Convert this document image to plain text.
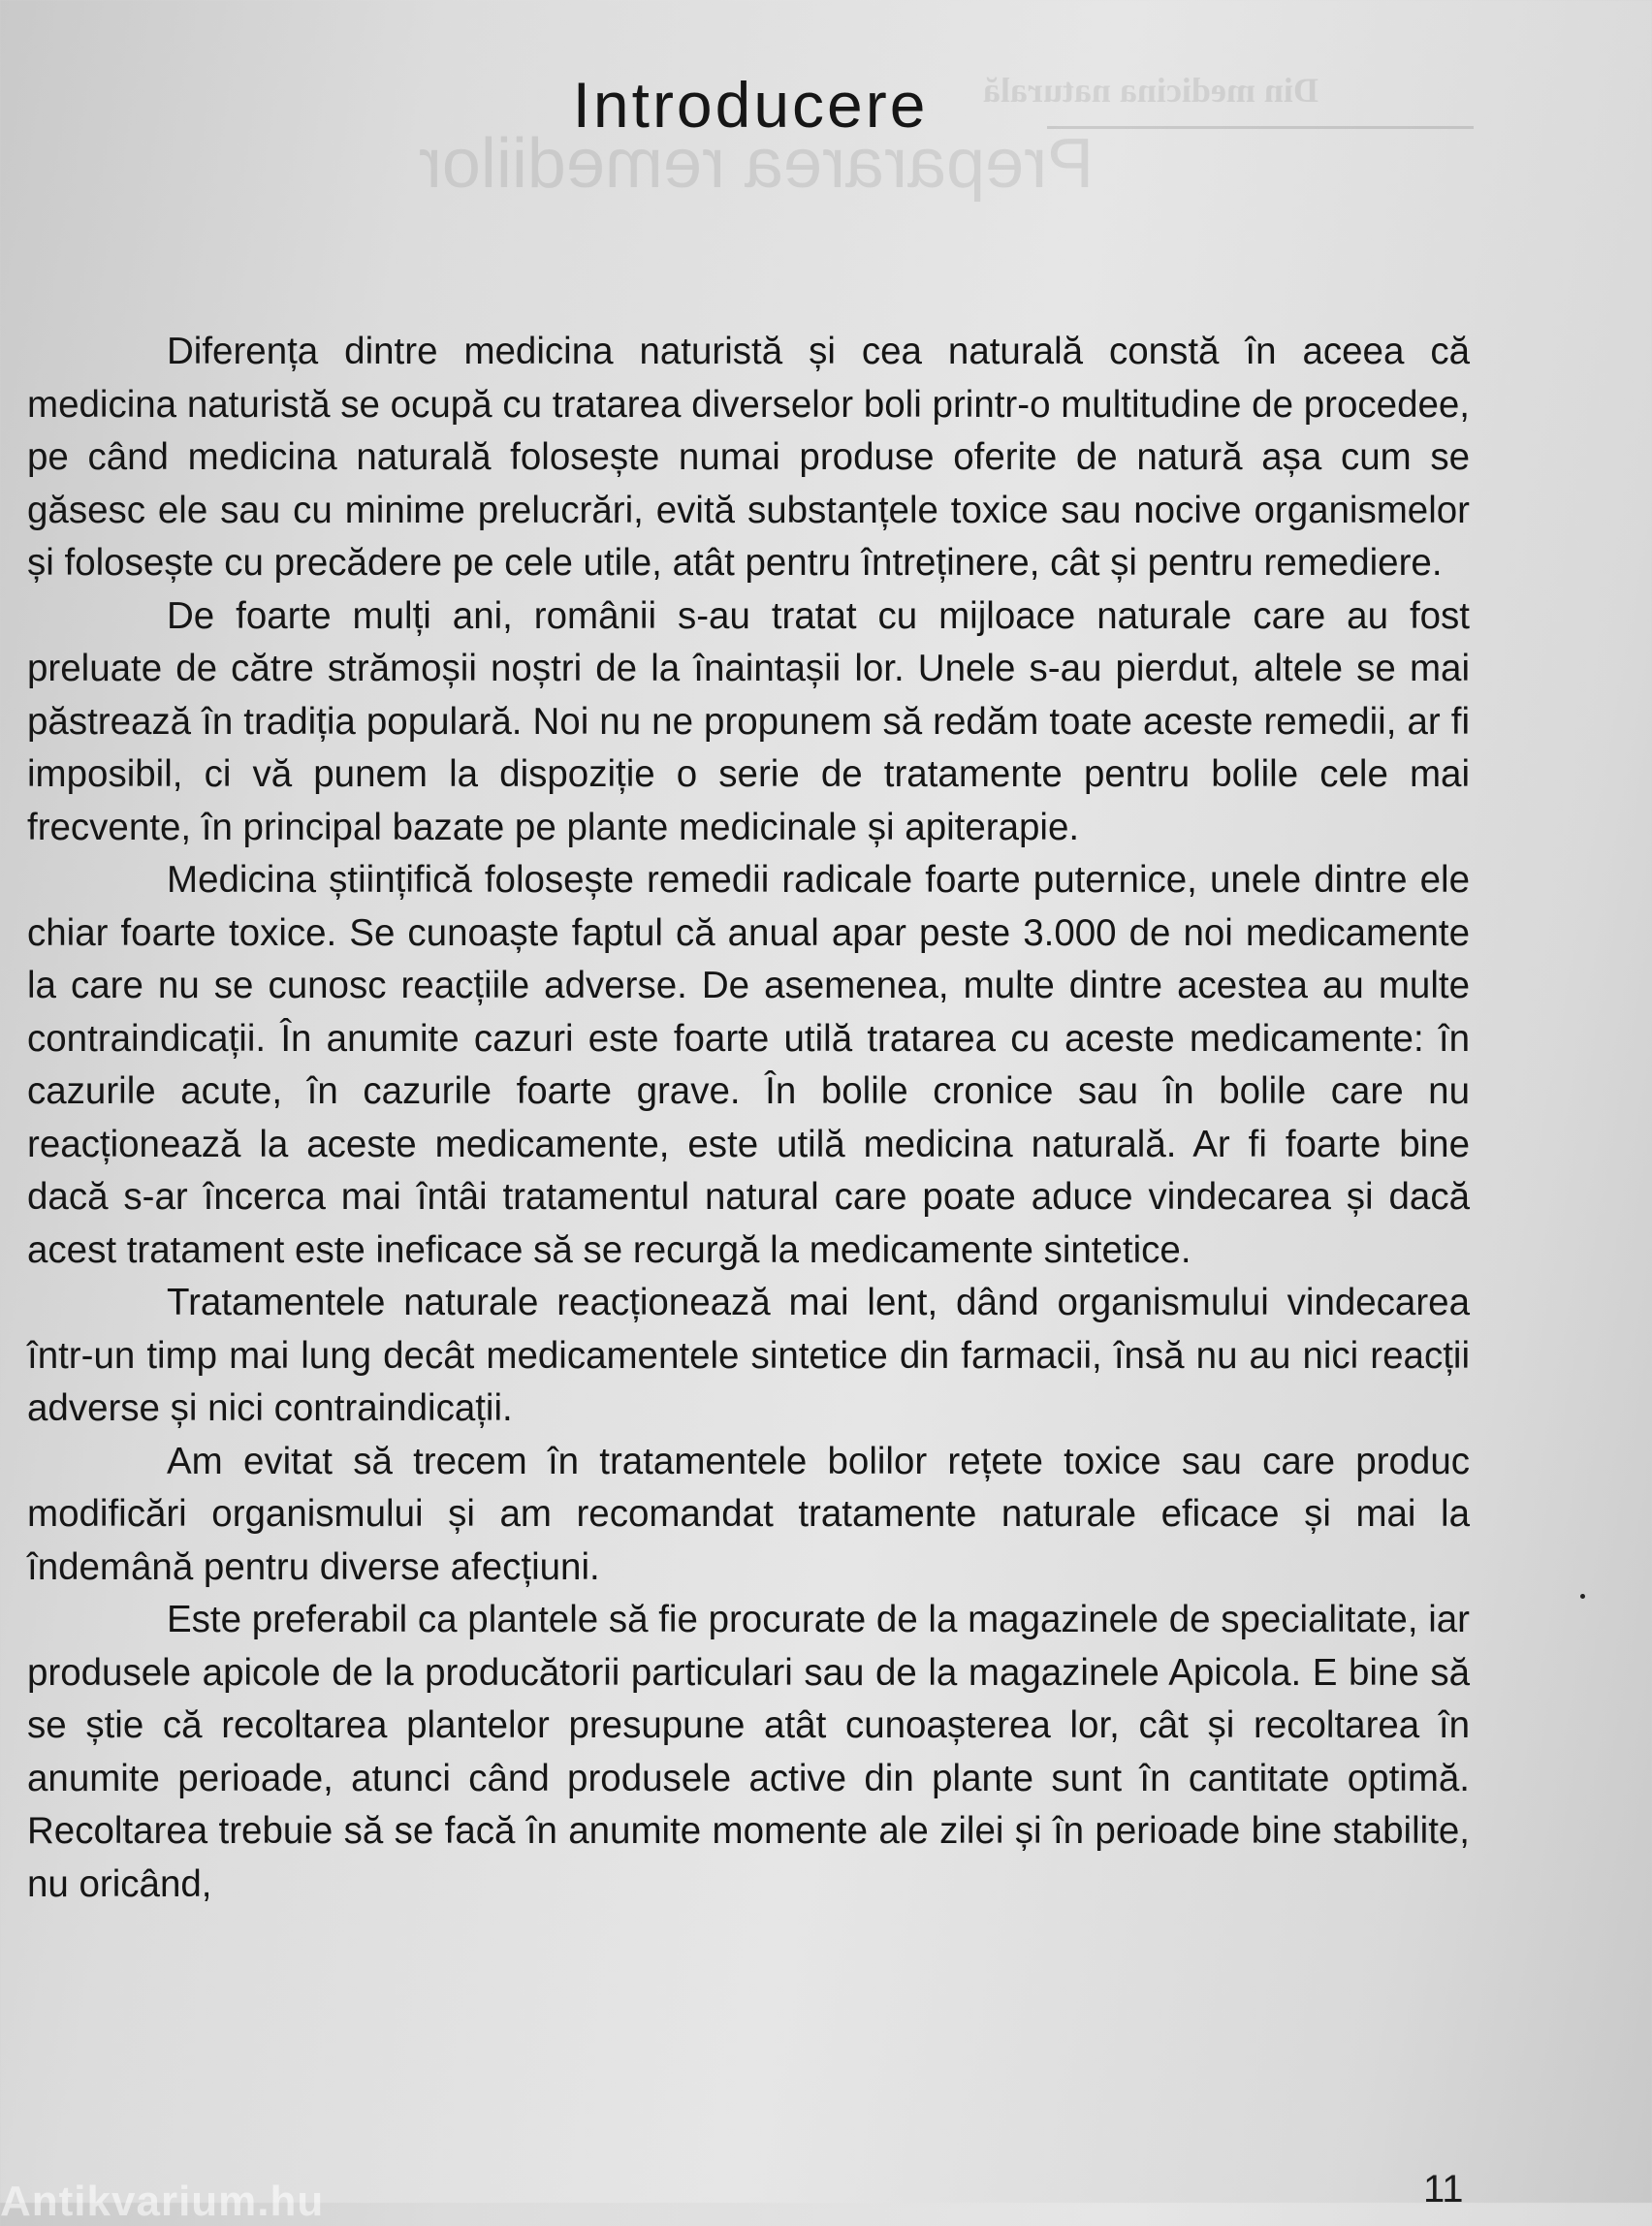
Din medicina naturală
Prepararea remediilor
Introducere

Diferența dintre medicina naturistă și cea naturală constă în aceea că medicina naturistă se ocupă cu tratarea diverselor boli printr-o multitudine de procedee, pe când medicina naturală folosește numai produse oferite de natură așa cum se găsesc ele sau cu minime prelucrări, evită substanțele toxice sau nocive organismelor și folosește cu precădere pe cele utile, atât pentru întreținere, cât și pentru remediere.

De foarte mulți ani, românii s-au tratat cu mijloace naturale care au fost preluate de către strămoșii noștri de la înaintașii lor. Unele s-au pierdut, altele se mai păstrează în tradiția populară. Noi nu ne propunem să redăm toate aceste remedii, ar fi imposibil, ci vă punem la dispoziție o serie de tratamente pentru bolile cele mai frecvente, în principal bazate pe plante medicinale și apiterapie.

Medicina științifică folosește remedii radicale foarte puternice, unele dintre ele chiar foarte toxice. Se cunoaște faptul că anual apar peste 3.000 de noi medicamente la care nu se cunosc reacțiile adverse. De asemenea, multe dintre acestea au multe contraindicații. În anumite cazuri este foarte utilă tratarea cu aceste medicamente: în cazurile acute, în cazurile foarte grave. În bolile cronice sau în bolile care nu reacționează la aceste medicamente, este utilă medicina naturală. Ar fi foarte bine dacă s-ar încerca mai întâi tratamentul natural care poate aduce vindecarea și dacă acest tratament este ineficace să se recurgă la medicamente sintetice.

Tratamentele naturale reacționează mai lent, dând organismului vindecarea într-un timp mai lung decât medicamentele sintetice din farmacii, însă nu au nici reacții adverse și nici contraindicații.

Am evitat să trecem în tratamentele bolilor rețete toxice sau care produc modificări organismului și am recomandat tratamente naturale eficace și mai la îndemână pentru diverse afecțiuni.

Este preferabil ca plantele să fie procurate de la magazinele de specialitate, iar produsele apicole de la producătorii particulari sau de la magazinele Apicola. E bine să se știe că recoltarea plantelor presupune atât cunoașterea lor, cât și recoltarea în anumite perioade, atunci când produsele active din plante sunt în cantitate optimă. Recoltarea trebuie să se facă în anumite momente ale zilei și în perioade bine stabilite, nu oricând,

11
Antikvarium.hu
